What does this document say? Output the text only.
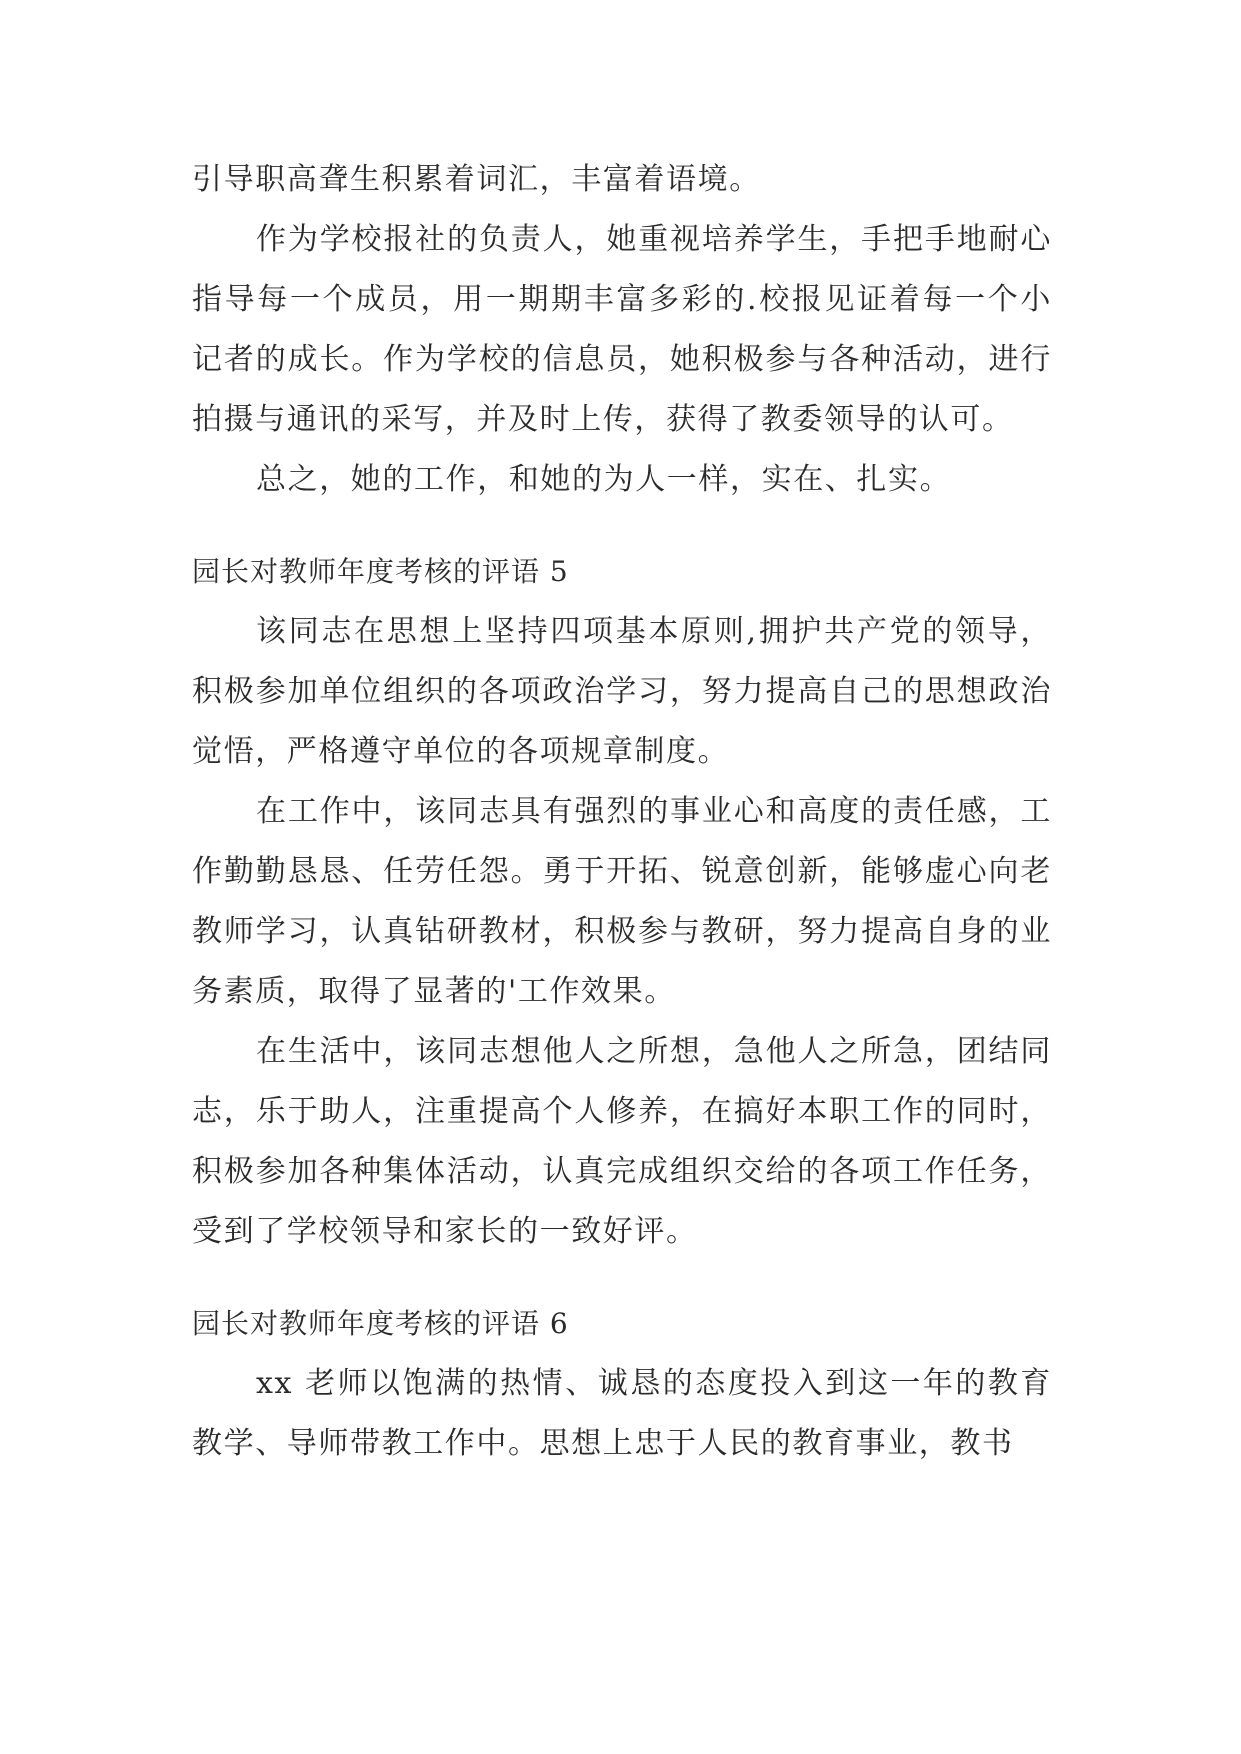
引导职高聋生积累着词汇，丰富着语境。

作为学校报社的负责人，她重视培养学生，手把手地耐心指导每一个成员，用一期期丰富多彩的.校报见证着每一个小记者的成长。作为学校的信息员，她积极参与各种活动，进行拍摄与通讯的采写，并及时上传，获得了教委领导的认可。

总之，她的工作，和她的为人一样，实在、扎实。

园长对教师年度考核的评语 5

该同志在思想上坚持四项基本原则,拥护共产党的领导，积极参加单位组织的各项政治学习，努力提高自己的思想政治觉悟，严格遵守单位的各项规章制度。

在工作中，该同志具有强烈的事业心和高度的责任感，工作勤勤恳恳、任劳任怨。勇于开拓、锐意创新，能够虚心向老教师学习，认真钻研教材，积极参与教研，努力提高自身的业务素质，取得了显著的'工作效果。

在生活中，该同志想他人之所想，急他人之所急，团结同志，乐于助人，注重提高个人修养，在搞好本职工作的同时，积极参加各种集体活动，认真完成组织交给的各项工作任务，受到了学校领导和家长的一致好评。

园长对教师年度考核的评语 6

xx 老师以饱满的热情、诚恳的态度投入到这一年的教育教学、导师带教工作中。思想上忠于人民的教育事业，教书
